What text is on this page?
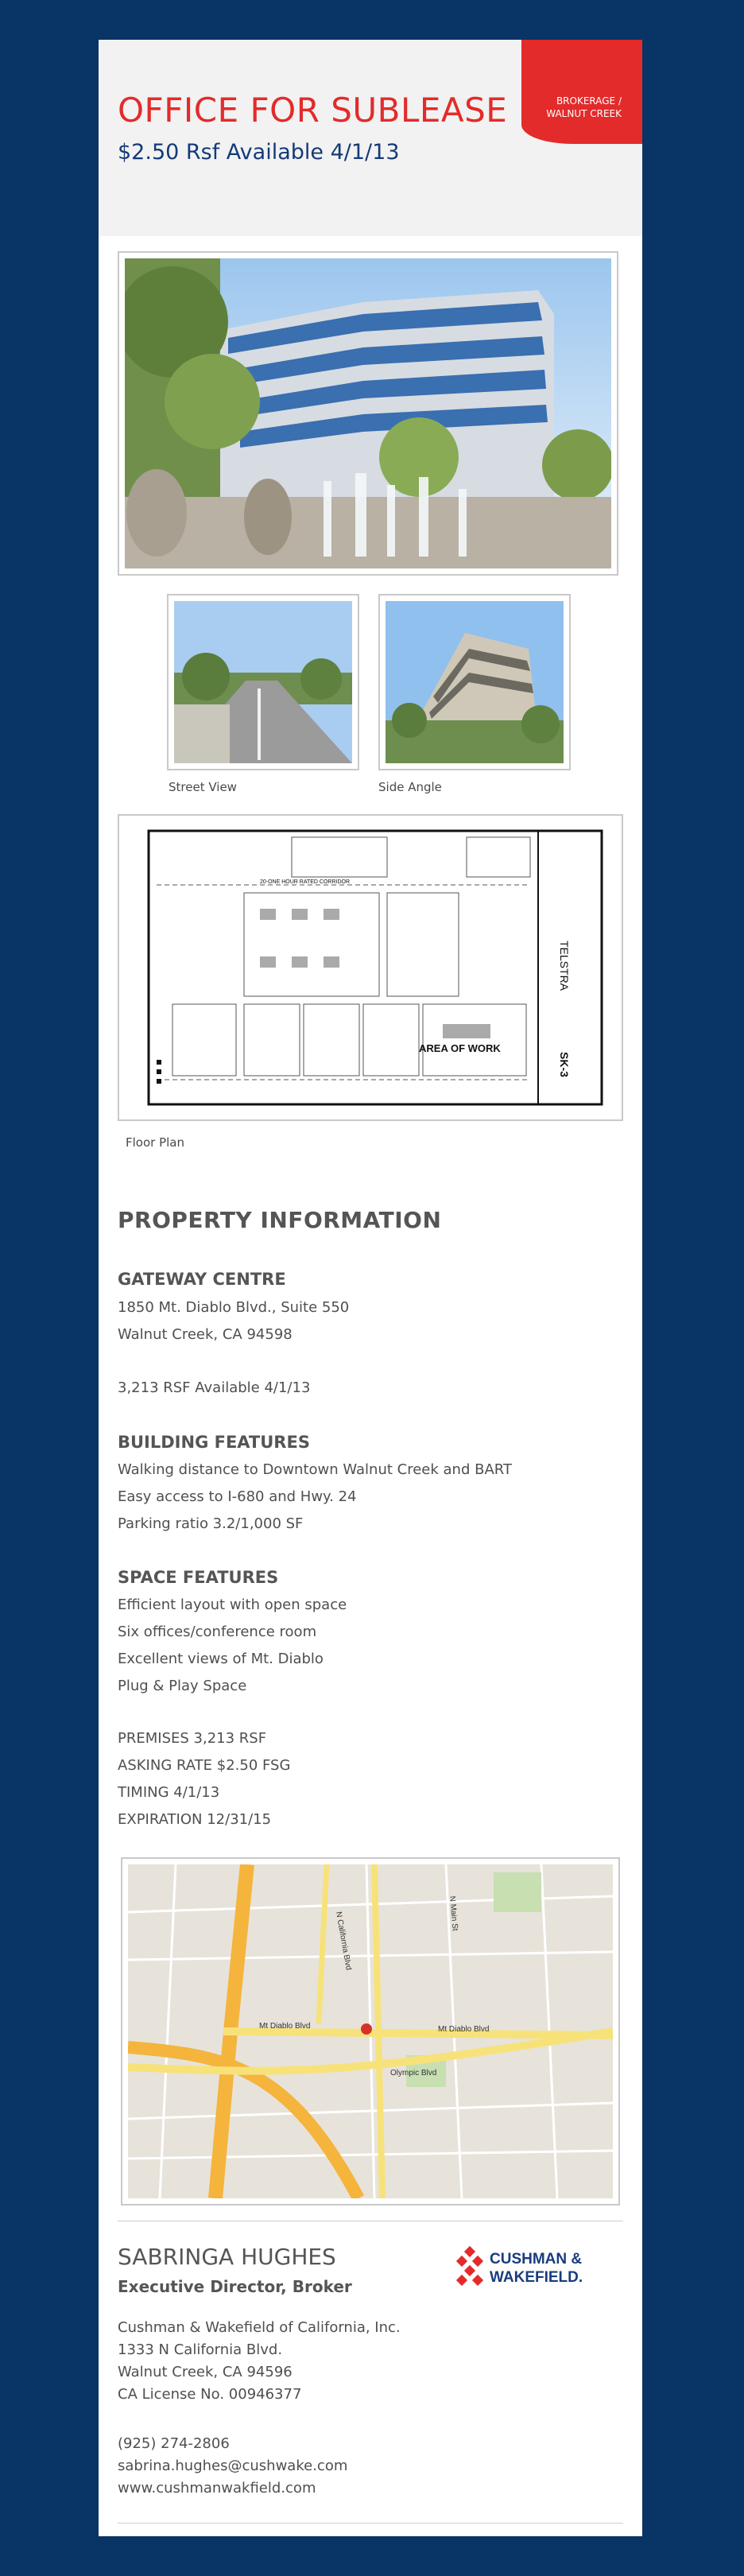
OFFICE FOR SUBLEASE
$2.50 Rsf Available 4/1/13
BROKERAGE /
WALNUT CREEK
Street View	Side Angle
AREA OF WORK
20-ONE HOUR RATED CORRIDOR
TELSTRA
SK-3
Floor Plan
PROPERTY INFORMATION
GATEWAY CENTRE
1850 Mt. Diablo Blvd., Suite 550
Walnut Creek, CA 94598
3,213 RSF Available 4/1/13
BUILDING FEATURES
Walking distance to Downtown Walnut Creek and BART
Easy access to I-680 and Hwy. 24
Parking ratio 3.2/1,000 SF
SPACE FEATURES
Efficient layout with open space
Six offices/conference room
Excellent views of Mt. Diablo
Plug & Play Space
PREMISES 3,213 RSF
ASKING RATE $2.50 FSG
TIMING 4/1/13
EXPIRATION 12/31/15
Mt Diablo Blvd	Mt Diablo Blvd
Olympic Blvd
N California Blvd	N Main St
SABRINGA HUGHES
Executive Director, Broker
CUSHMAN &
WAKEFIELD.
Cushman & Wakefield of California, Inc.
1333 N California Blvd.
Walnut Creek, CA 94596
CA License No. 00946377
(925) 274-2806
sabrina.hughes@cushwake.com
www.cushmanwakfield.com
